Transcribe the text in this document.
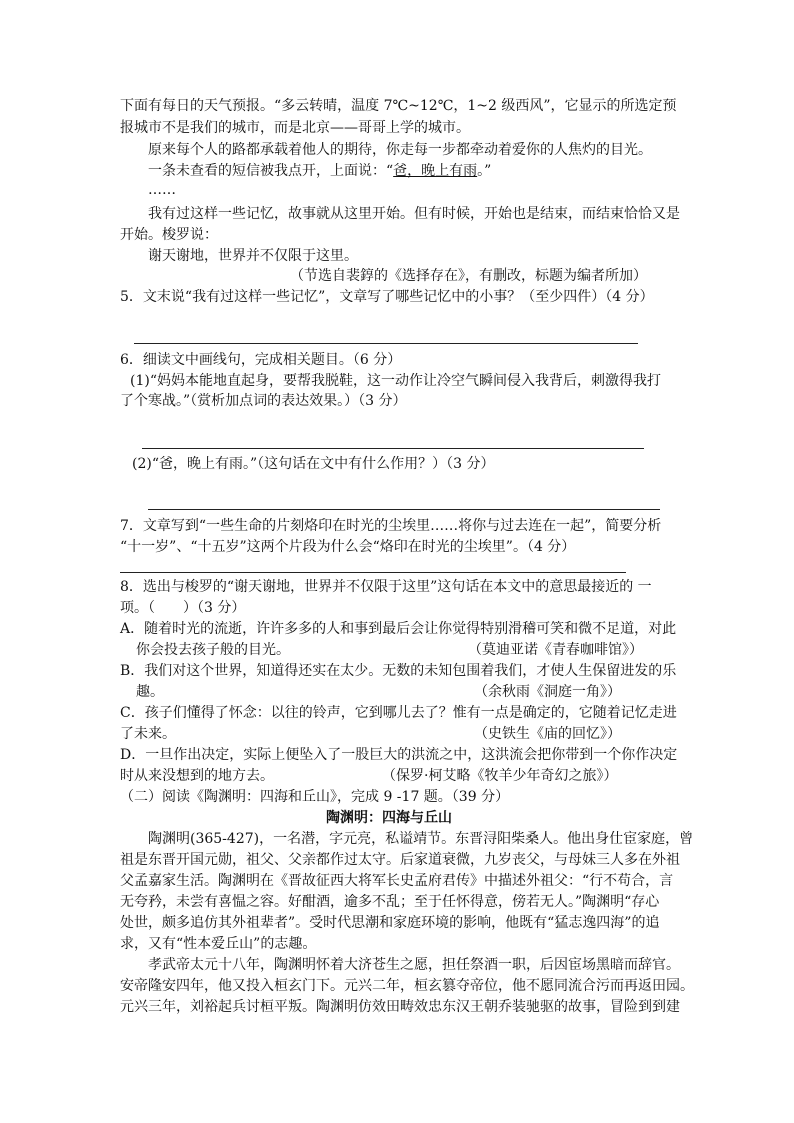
下面有每日的天气预报。“多云转晴，温度 7℃~12℃，1~2 级西风”，它显示的所选定预
报城市不是我们的城市，而是北京——哥哥上学的城市。
原来每个人的路都承载着他人的期待，你走每一步都牵动着爱你的人焦灼的目光。
一条未查看的短信被我点开，上面说：“爸，晚上有雨。”
……
我有过这样一些记忆，故事就从这里开始。但有时候，开始也是结束，而结束恰恰又是
开始。梭罗说：
谢天谢地，世界并不仅限于这里。
（节选自裴錞的《选择存在》，有删改，标题为编者所加）
5．文末说“我有过这样一些记忆”，文章写了哪些记忆中的小事？（至少四件）（4 分）
6．细读文中画线句，完成相关题目。（6 分）
(1)“妈妈本能地直起身，要帮我脱鞋，这一动作让冷空气瞬间侵入我背后，刺激得我打
了个寒战。”（赏析加点词的表达效果。）（3 分）
(2)“爸，晚上有雨。”（这句话在文中有什么作用？）（3 分）
7．文章写到“一些生命的片刻烙印在时光的尘埃里……将你与过去连在一起”，简要分析
“十一岁”、“十五岁”这两个片段为什么会“烙印在时光的尘埃里”。（4 分）
8．选出与梭罗的“谢天谢地，世界并不仅限于这里”这句话在本文中的意思最接近的 一
项。（　　）（3 分）
A．随着时光的流逝，许许多多的人和事到最后会让你觉得特别滑稽可笑和微不足道，对此
你会投去孩子般的目光。	（莫迪亚诺《青春咖啡馆》）
B．我们对这个世界，知道得还实在太少。无数的未知包围着我们，才使人生保留进发的乐
趣。	（余秋雨《洞庭一角》）
C．孩子们懂得了怀念：以往的铃声，它到哪儿去了？惟有一点是确定的，它随着记忆走进
了未来。	（史铁生《庙的回忆》）
D．一旦作出决定，实际上便坠入了一股巨大的洪流之中，这洪流会把你带到一个你作决定
时从来没想到的地方去。	（保罗·柯艾略《牧羊少年奇幻之旅》）
（二）阅读《陶渊明：四海和丘山》，完成 9 -17 题。（39 分）
陶渊明：四海与丘山
陶渊明(365-427)，一名潜，字元亮，私谥靖节。东晋浔阳柴桑人。他出身仕宦家庭，曾
祖是东晋开国元勋，祖父、父亲都作过太守。后家道衰微，九岁丧父，与母妹三人多在外祖
父孟嘉家生活。陶渊明在《晋故征西大将军长史孟府君传》中描述外祖父：“行不苟合，言
无夸矜，未尝有喜愠之容。好酣酒，逾多不乱；至于任怀得意，傍若无人。”陶渊明“存心
处世，颇多追仿其外祖辈者”。受时代思潮和家庭环境的影响，他既有“猛志逸四海”的追
求，又有“性本爱丘山”的志趣。
孝武帝太元十八年，陶渊明怀着大济苍生之愿，担任祭酒一职，后因宦场黑暗而辞官。
安帝隆安四年，他又投入桓玄门下。元兴二年，桓玄篡夺帝位，他不愿同流合污而再返田园。
元兴三年，刘裕起兵讨桓平叛。陶渊明仿效田畴效忠东汉王朝乔装驰驱的故事，冒险到到建
